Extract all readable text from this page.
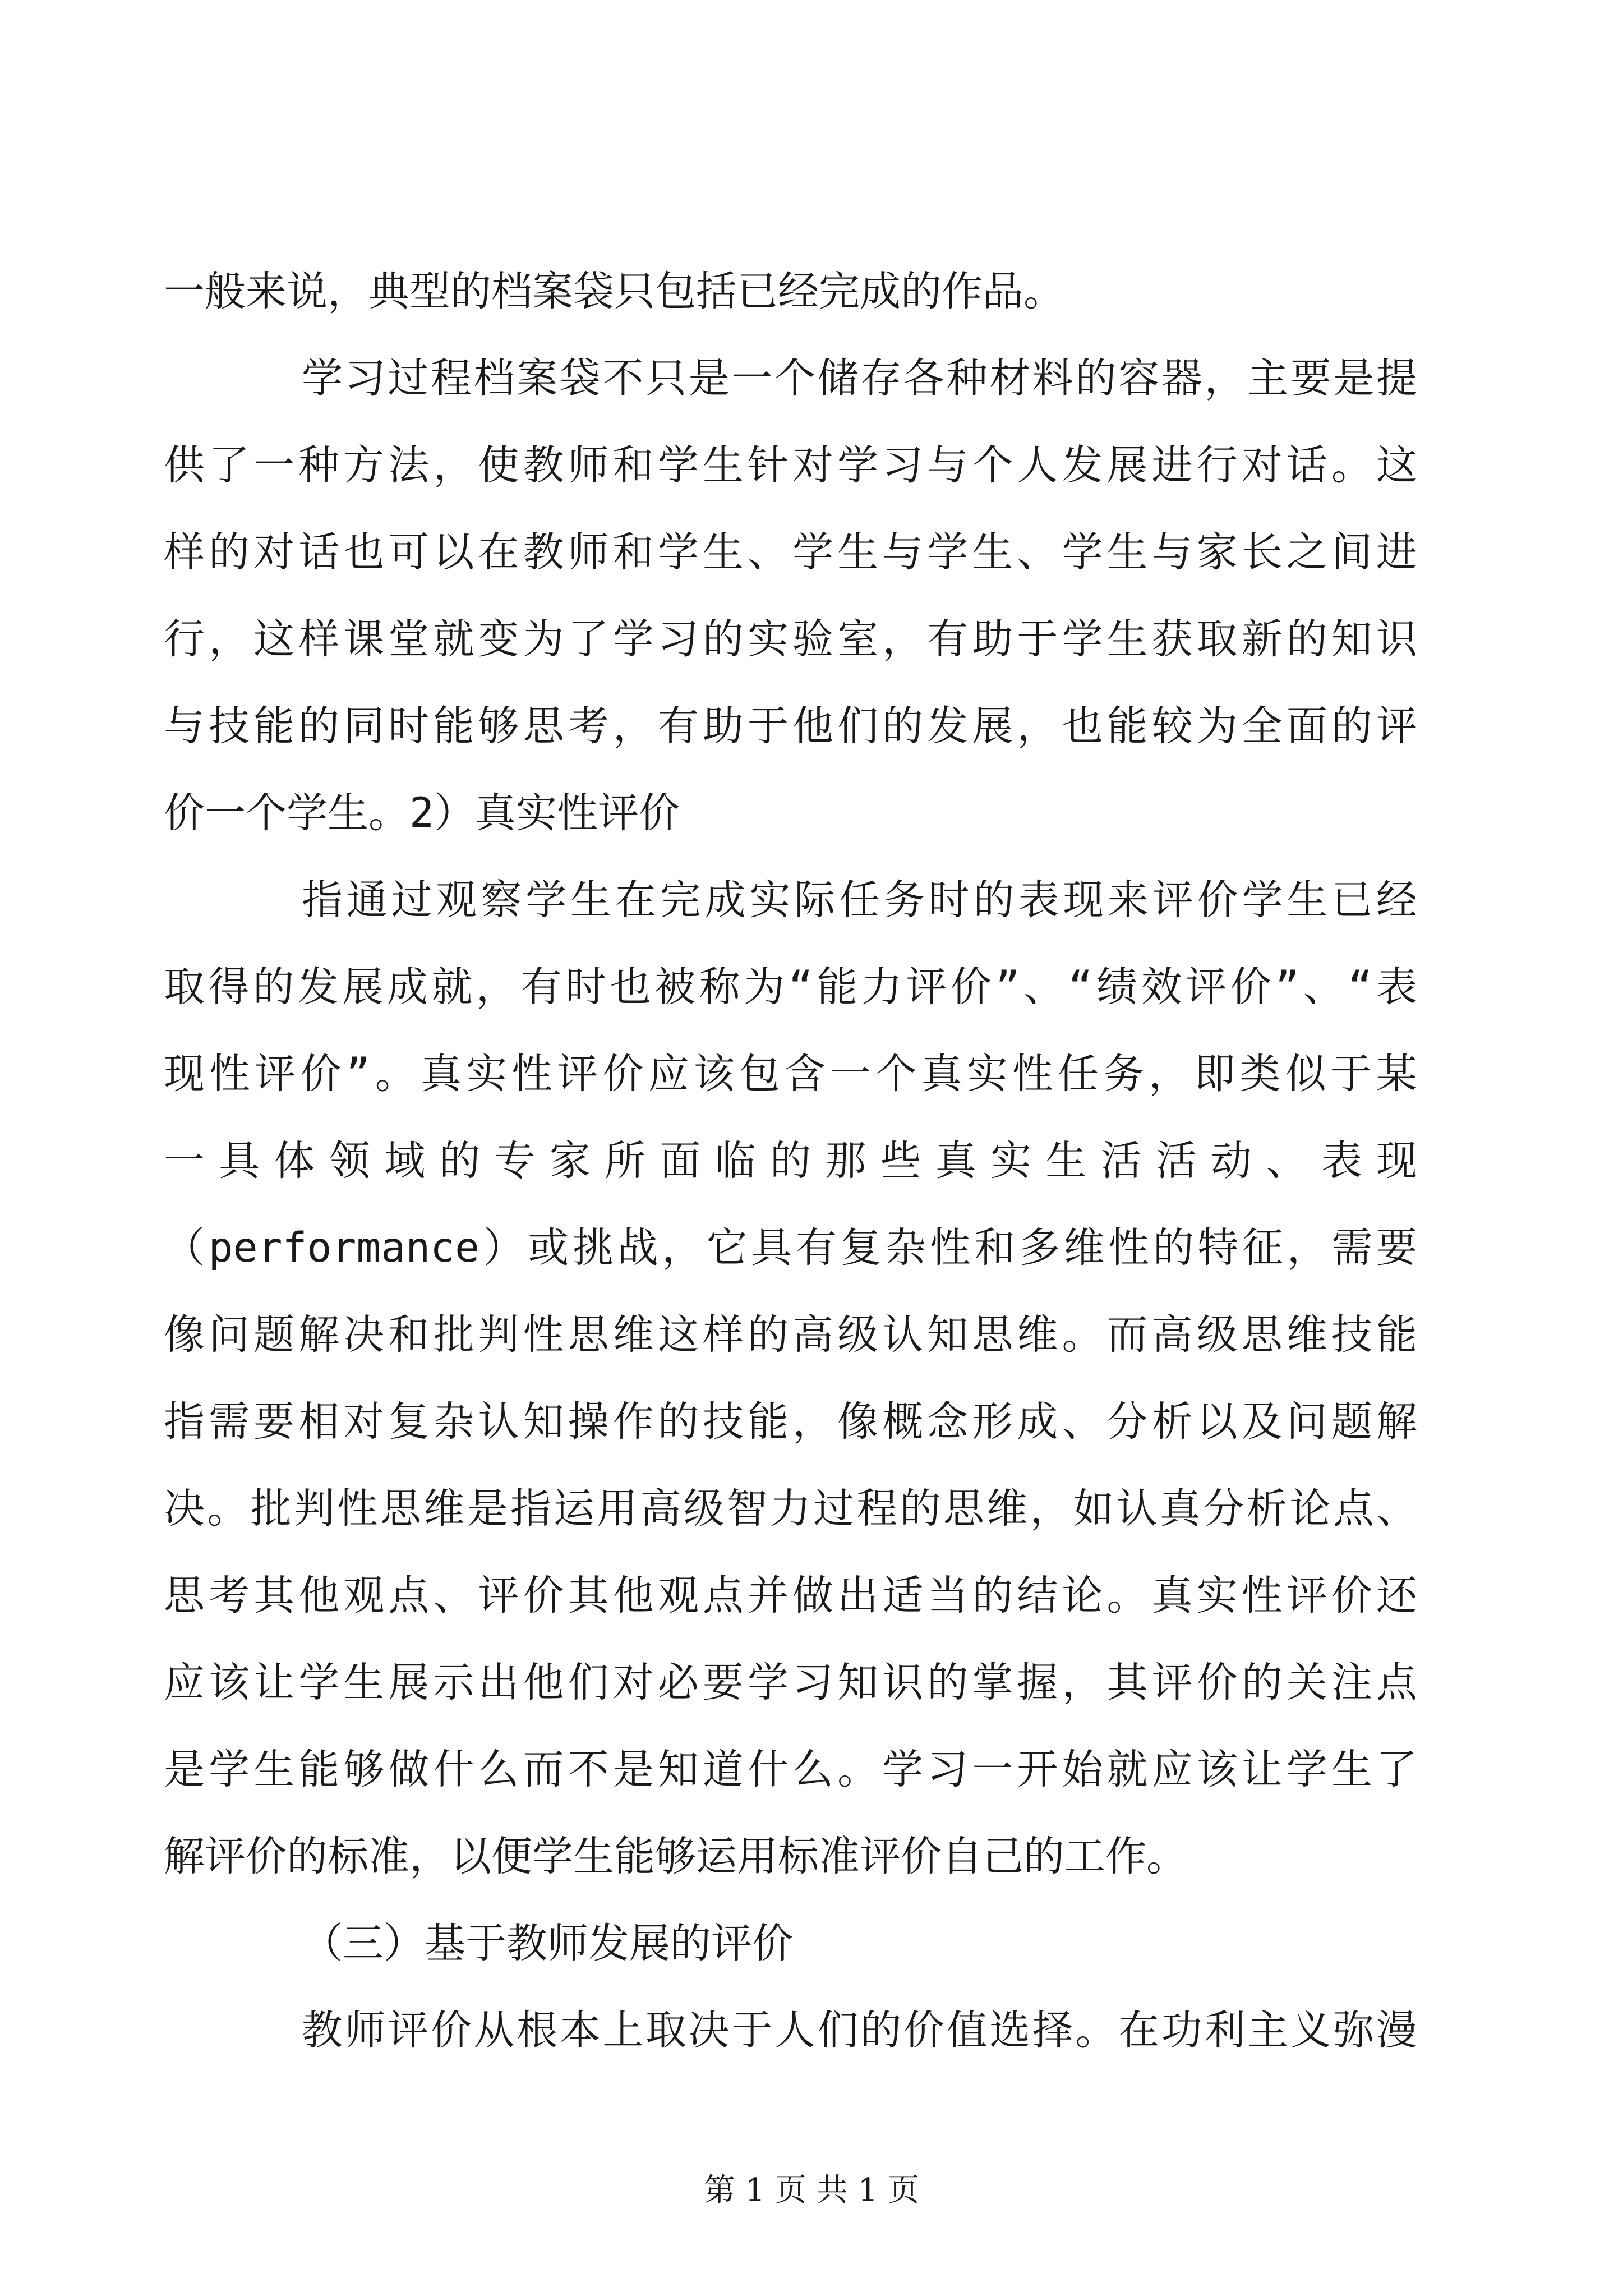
第 1 页 共 1 页
一般来说，典型的档案袋只包括已经完成的作品。
学习过程档案袋不只是一个储存各种材料的容器，主要是提
供了一种方法，使教师和学生针对学习与个人发展进行对话。这
样的对话也可以在教师和学生、学生与学生、学生与家长之间进
行，这样课堂就变为了学习的实验室，有助于学生获取新的知识
与技能的同时能够思考，有助于他们的发展，也能较为全面的评
价一个学生。2）真实性评价
指通过观察学生在完成实际任务时的表现来评价学生已经
取得的发展成就，有时也被称为“能力评价”、“绩效评价”、“表
现性评价”。真实性评价应该包含一个真实性任务，即类似于某
一具体领域的专家所面临的那些真实生活活动、表现
（performance）或挑战，它具有复杂性和多维性的特征，需要
像问题解决和批判性思维这样的高级认知思维。而高级思维技能
指需要相对复杂认知操作的技能，像概念形成、分析以及问题解
决。批判性思维是指运用高级智力过程的思维，如认真分析论点、
思考其他观点、评价其他观点并做出适当的结论。真实性评价还
应该让学生展示出他们对必要学习知识的掌握，其评价的关注点
是学生能够做什么而不是知道什么。学习一开始就应该让学生了
解评价的标准，以便学生能够运用标准评价自己的工作。
（三）基于教师发展的评价
教师评价从根本上取决于人们的价值选择。在功利主义弥漫
